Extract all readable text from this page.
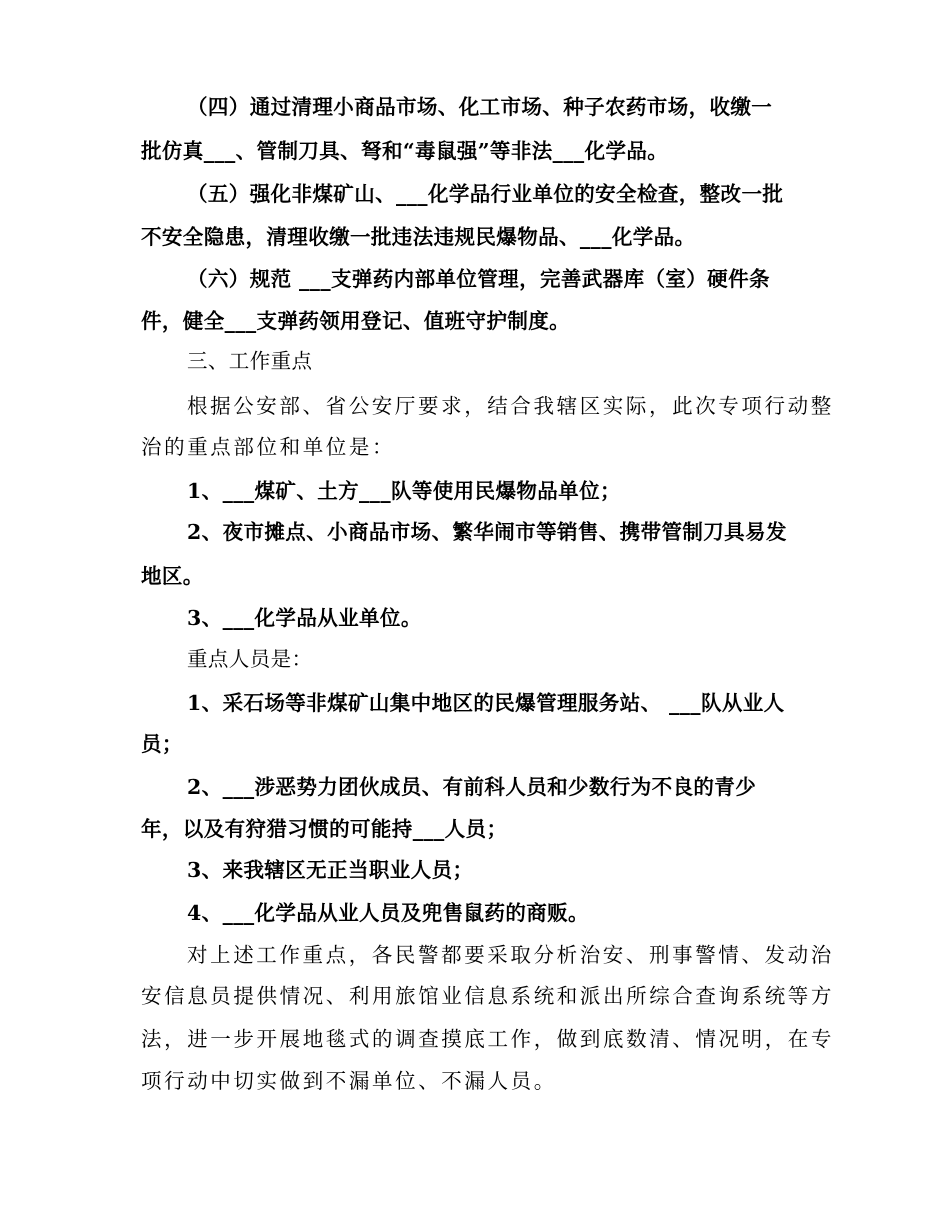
（四）通过清理小商品市场、化工市场、种子农药市场，收缴一
批仿真___、管制刀具、弩和“毒鼠强”等非法___化学品。
（五）强化非煤矿山、___化学品行业单位的安全检查，整改一批
不安全隐患，清理收缴一批违法违规民爆物品、___化学品。
（六）规范 ___支弹药内部单位管理，完善武器库（室）硬件条
件，健全___支弹药领用登记、值班守护制度。
三、工作重点
根据公安部、省公安厅要求，结合我辖区实际，此次专项行动整
治的重点部位和单位是：
1、___煤矿、土方___队等使用民爆物品单位；
2、夜市摊点、小商品市场、繁华闹市等销售、携带管制刀具易发
地区。
3、___化学品从业单位。
重点人员是：
1、采石场等非煤矿山集中地区的民爆管理服务站、 ___队从业人
员；
2、___涉恶势力团伙成员、有前科人员和少数行为不良的青少
年，以及有狩猎习惯的可能持___人员；
3、来我辖区无正当职业人员；
4、___化学品从业人员及兜售鼠药的商贩。
对上述工作重点，各民警都要采取分析治安、刑事警情、发动治
安信息员提供情况、利用旅馆业信息系统和派出所综合查询系统等方
法，进一步开展地毯式的调查摸底工作，做到底数清、情况明，在专
项行动中切实做到不漏单位、不漏人员。
